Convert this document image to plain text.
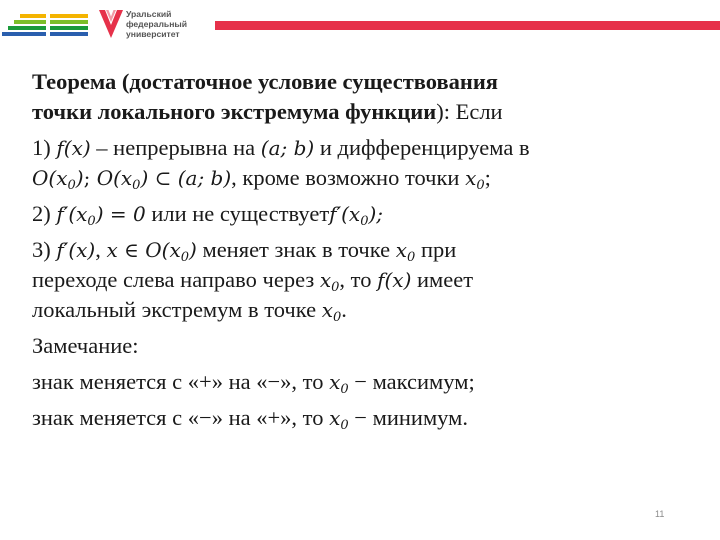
Уральский
федеральный
университет
Теорема (достаточное условие существования
точки локального экстремума функции): Если
1) f(x) – непрерывна на (a; b) и дифференцируема в
$O(x_0)$; $O(x_0)$ ⊂ (a; b), кроме возможно точки $x_0$;
2) $f'(x_0) = 0$ или не $существуетf'(x_0)$;
3) f′(x), x ∈ $O(x_0)$ меняет знак в точке $x_0$ при
переходе слева направо через $x_0$, то f(x) имеет
локальный экстремум в точке $x_0$.
Замечание:
знак меняется с «+» на «−», то $x_0$ − максимум;
знак меняется с «−» на «+», то $x_0$ − минимум.
11
